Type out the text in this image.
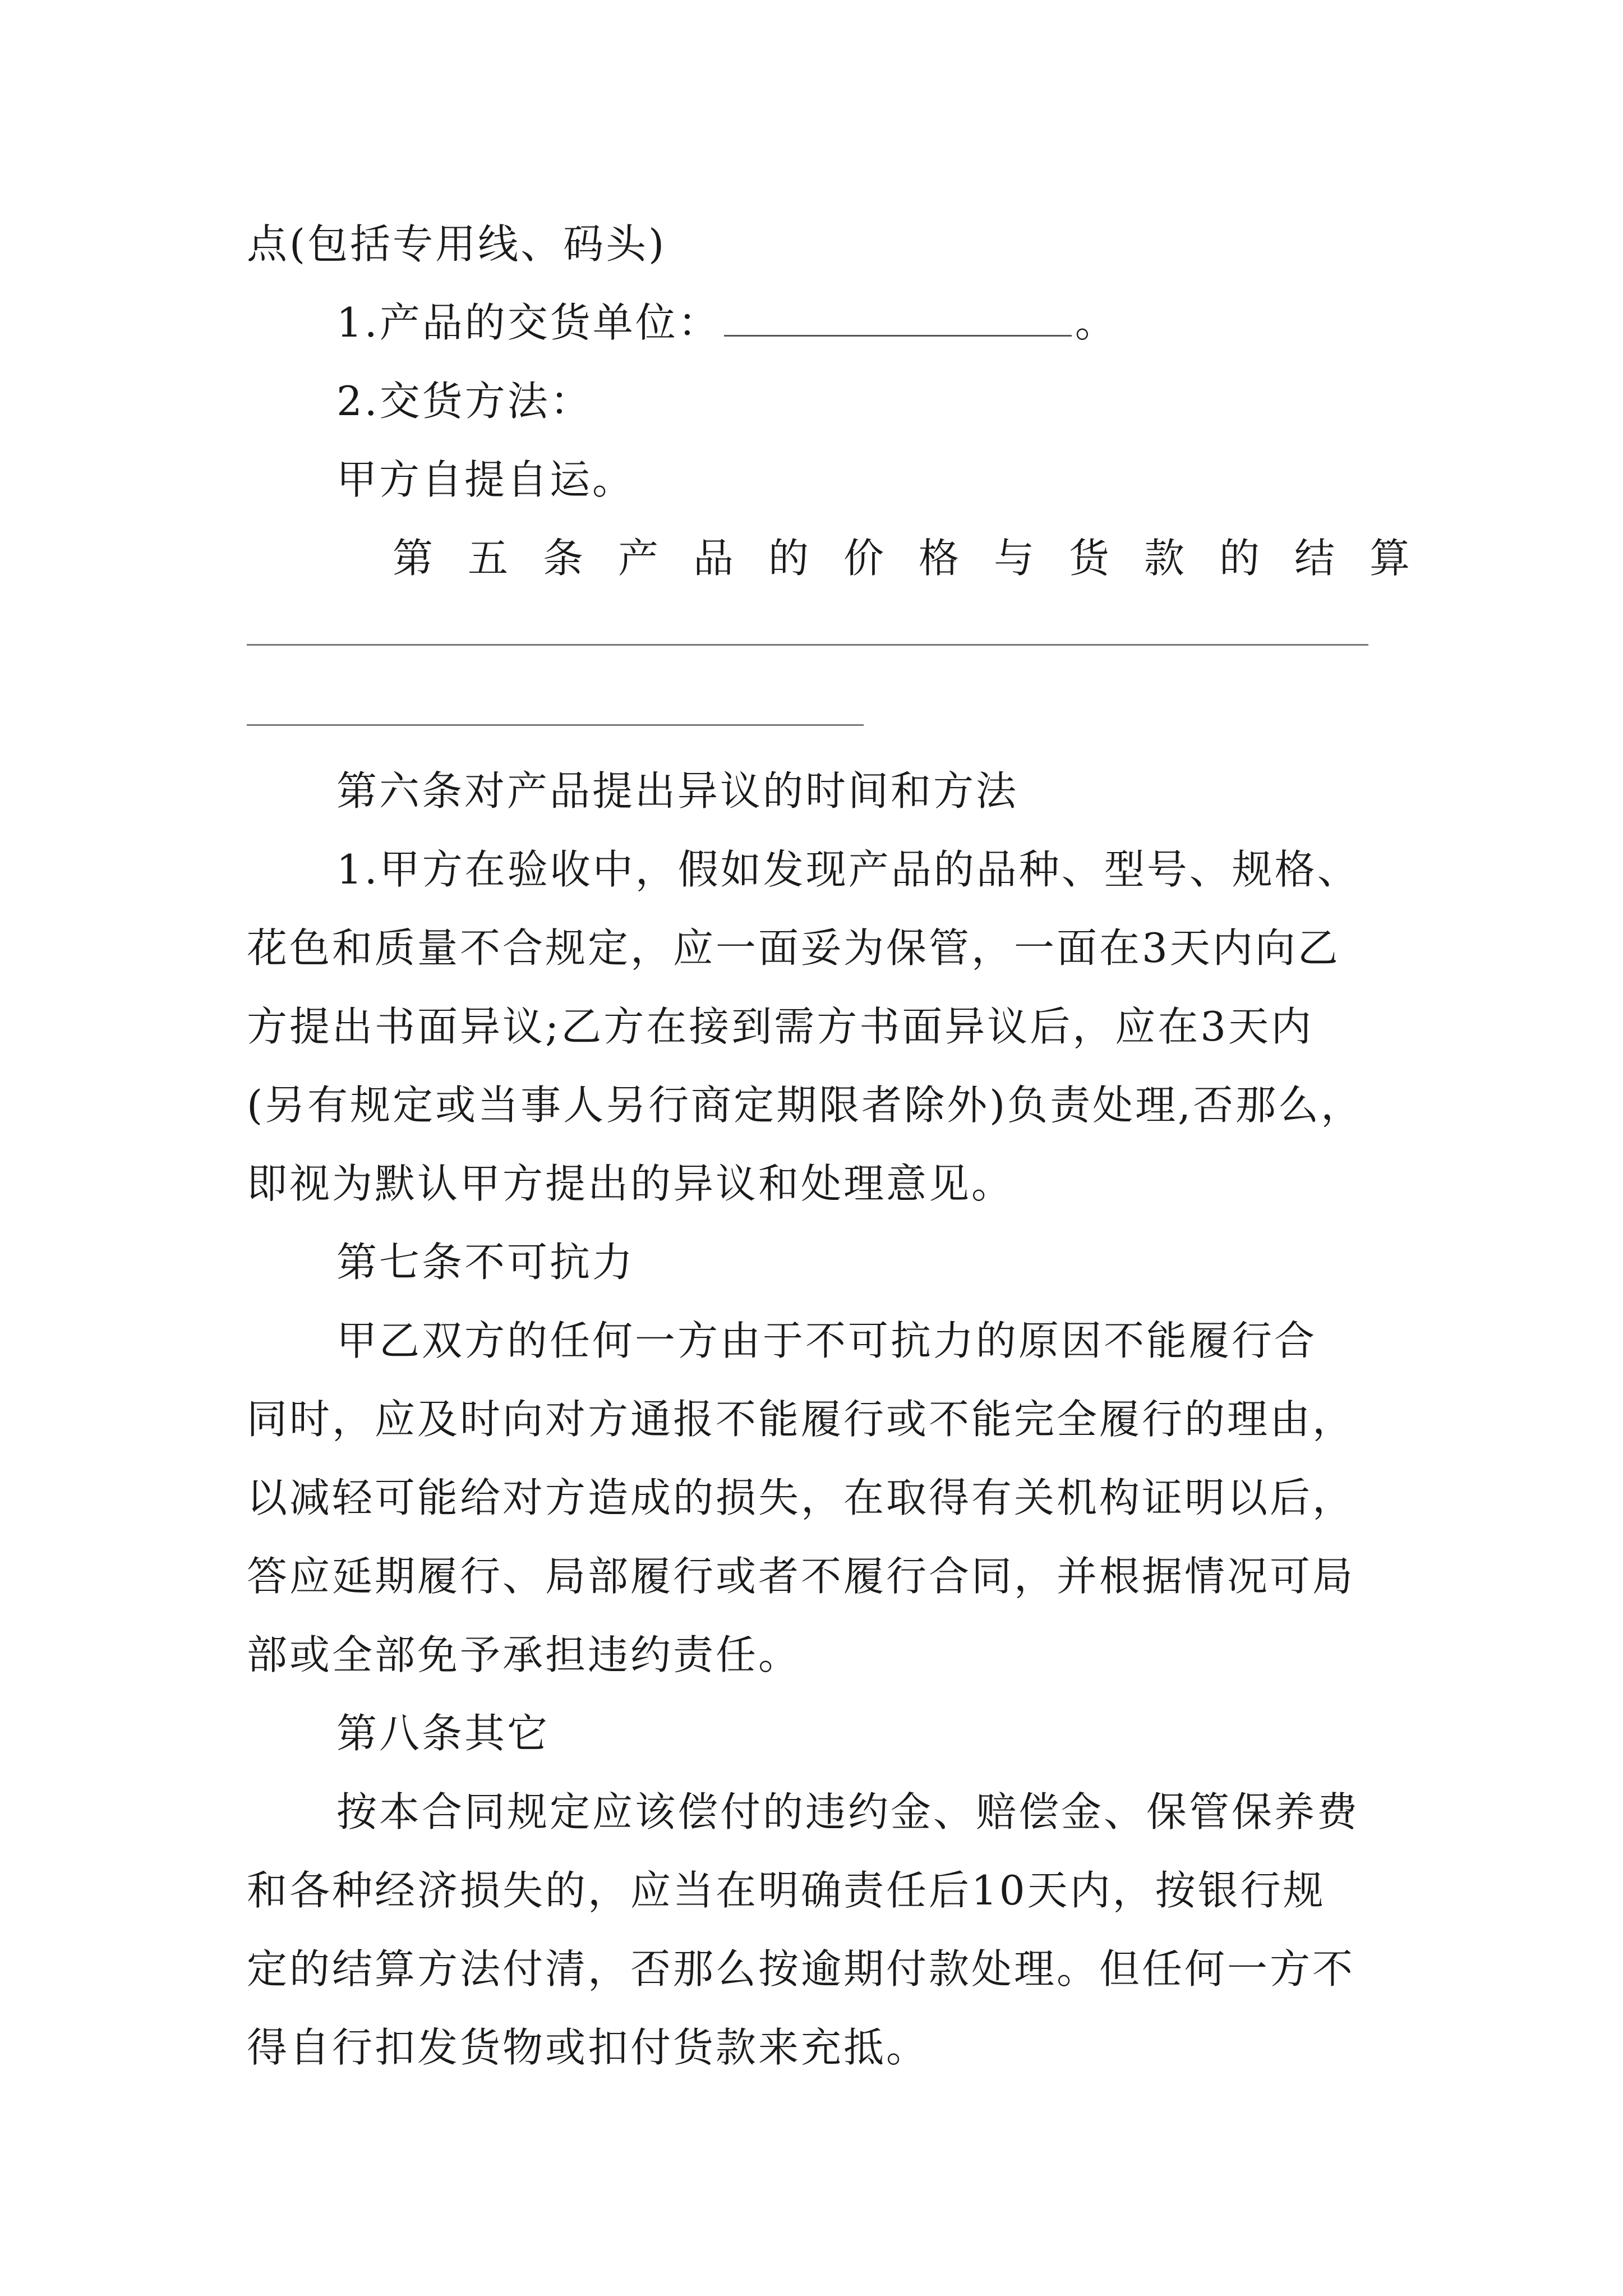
点(包括专用线、码头)
1.产品的交货单位：	。
2.交货方法：
甲方自提自运。
第五条产品的价格与货款的结算
第六条对产品提出异议的时间和方法
1.甲方在验收中，假如发现产品的品种、型号、规格、
花色和质量不合规定，应一面妥为保管，一面在3天内向乙
方提出书面异议;乙方在接到需方书面异议后，应在3天内
(另有规定或当事人另行商定期限者除外)负责处理,否那么，
即视为默认甲方提出的异议和处理意见。
第七条不可抗力
甲乙双方的任何一方由于不可抗力的原因不能履行合
同时，应及时向对方通报不能履行或不能完全履行的理由，
以减轻可能给对方造成的损失，在取得有关机构证明以后，
答应延期履行、局部履行或者不履行合同，并根据情况可局
部或全部免予承担违约责任。
第八条其它
按本合同规定应该偿付的违约金、赔偿金、保管保养费
和各种经济损失的，应当在明确责任后10天内，按银行规
定的结算方法付清，否那么按逾期付款处理。但任何一方不
得自行扣发货物或扣付货款来充抵。
